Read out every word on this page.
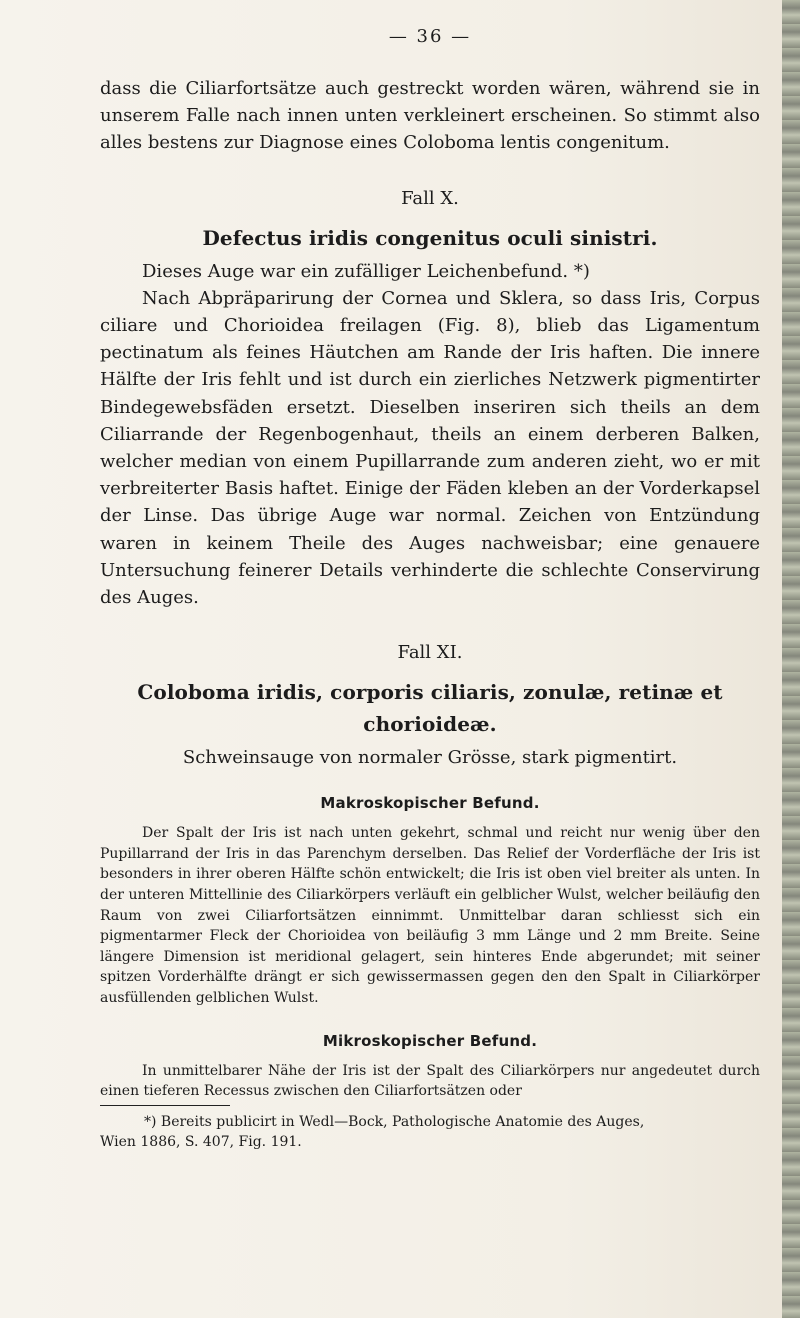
— 36 —

dass die Ciliarfortsätze auch gestreckt worden wären, während sie in unserem Falle nach innen unten verkleinert erscheinen. So stimmt also alles bestens zur Diagnose eines Coloboma lentis congenitum.

Fall X.
Defectus iridis congenitus oculi sinistri.

Dieses Auge war ein zufälliger Leichenbefund. *)

Nach Abpräparirung der Cornea und Sklera, so dass Iris, Corpus ciliare und Chorioidea freilagen (Fig. 8), blieb das Ligamentum pectinatum als feines Häutchen am Rande der Iris haften. Die innere Hälfte der Iris fehlt und ist durch ein zierliches Netzwerk pigmentirter Bindegewebsfäden ersetzt. Dieselben inseriren sich theils an dem Ciliarrande der Regenbogenhaut, theils an einem derberen Balken, welcher median von einem Pupillarrande zum anderen zieht, wo er mit verbreiterter Basis haftet. Einige der Fäden kleben an der Vorderkapsel der Linse. Das übrige Auge war normal. Zeichen von Entzündung waren in keinem Theile des Auges nachweisbar; eine genauere Untersuchung feinerer Details verhinderte die schlechte Conservirung des Auges.

Fall XI.
Coloboma iridis, corporis ciliaris, zonulæ, retinæ et chorioideæ.
Schweinsauge von normaler Grösse, stark pigmentirt.
Makroskopischer Befund.

Der Spalt der Iris ist nach unten gekehrt, schmal und reicht nur wenig über den Pupillarrand der Iris in das Parenchym derselben. Das Relief der Vorderfläche der Iris ist besonders in ihrer oberen Hälfte schön entwickelt; die Iris ist oben viel breiter als unten. In der unteren Mittellinie des Ciliarkörpers verläuft ein gelblicher Wulst, welcher beiläufig den Raum von zwei Ciliarfortsätzen einnimmt. Unmittelbar daran schliesst sich ein pigmentarmer Fleck der Chorioidea von beiläufig 3 mm Länge und 2 mm Breite. Seine längere Dimension ist meridional gelagert, sein hinteres Ende abgerundet; mit seiner spitzen Vorderhälfte drängt er sich gewissermassen gegen den den Spalt in Ciliarkörper ausfüllenden gelblichen Wulst.

Mikroskopischer Befund.

In unmittelbarer Nähe der Iris ist der Spalt des Ciliarkörpers nur angedeutet durch einen tieferen Recessus zwischen den Ciliarfortsätzen oder

*) Bereits publicirt in Wedl—Bock, Pathologische Anatomie des Auges,

Wien 1886, S. 407, Fig. 191.
